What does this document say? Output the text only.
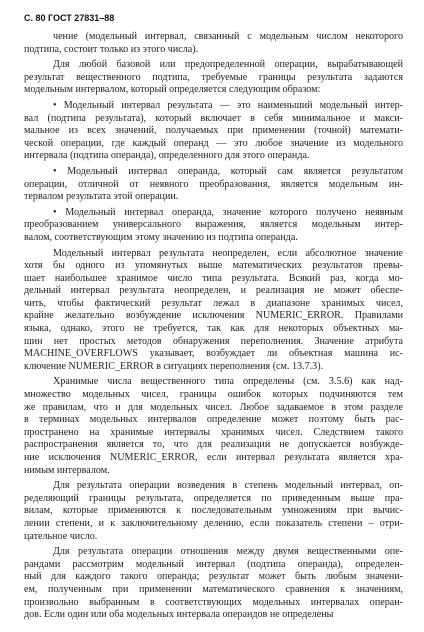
С. 80 ГОСТ 27831–88
чение (модельный интервал, связанный с модельным числом некоторого
подтипа, состоит только из этого числа).
Для любой базовой или предопределенной операции, вырабатывающей
результат вещественного подтипа, требуемые границы результата задаются
модельным интервалом, который определяется следующим образом:
• Модельный интервал результата — это наименьший модельный интер-
вал (подтипа результата), который включает в себя минимальное и макси-
мальное из всех значений, получаемых при применении (точной) математи-
ческой операции, где каждый операнд — это любое значение из модельного
интервала (подтипа операнда), определенного для этого операнда.
• Модельный интервал операнда, который сам является результатом
операции, отличной от неявного преобразования, является модельным ин-
тервалом результата этой операции.
• Модельный интервал операнда, значение которого получено неявным
преобразованием универсального выражения, является модельным интер-
валом, соответствующим этому значению из подтипа операнда.
Модельный интервал результата неопределен, если абсолютное значение
хотя бы одного из упомянутых выше математических результатов превы-
шает наибольшее хранимое число типа результата. Всякий раз, когда мо-
дельный интервал результата неопределен, и реализация не может обеспе-
чить, чтобы фактический результат лежал в диапазоне хранимых чисел,
крайне желательно возбуждение исключения NUMERIC_ERROR. Правилами
языка, однако, этого не требуется, так как для некоторых объектных ма-
шин нет простых методов обнаружения переполнения. Значение атрибута
MACHINE_OVERFLOWS указывает, возбуждает ли объектная машина ис-
ключение NUMERIC_ERROR в ситуациях переполнения (см. 13.7.3).
Хранимые числа вещественного типа определены (см. 3.5.6) как над-
множество модельных чисел, границы ошибок которых подчиняются тем
же правилам, что и для модельных чисел. Любое задаваемое в этом разделе
в терминах модельных интервалов определение может поэтому быть рас-
пространено на хранимые интервалы хранимых чисел. Следствием такого
распространения является то, что для реализации не допускается возбужде-
ние исключения NUMERIC_ERROR, если интервал результата является хра-
нимым интервалом.
Для результата операции возведения в степень модельный интервал, оп-
ределяющий границы результата, определяется по приведенным выше пра-
вилам, которые применяются к последовательным умножениям при вычис-
лении степени, и к заключительному делению, если показатель степени – отри-
цательное число.
Для результата операции отношения между двумя вещественными опе-
рандами рассмотрим модельный интервал (подтипа операнда), определен-
ный для каждого такого операнда; результат может быть любым значени-
ем, полученным при применении математического сравнения к значениям,
произвольно выбранным в соответствующих модельных интервалах операн-
дов. Если один или оба модельных интервала операндов не определены
